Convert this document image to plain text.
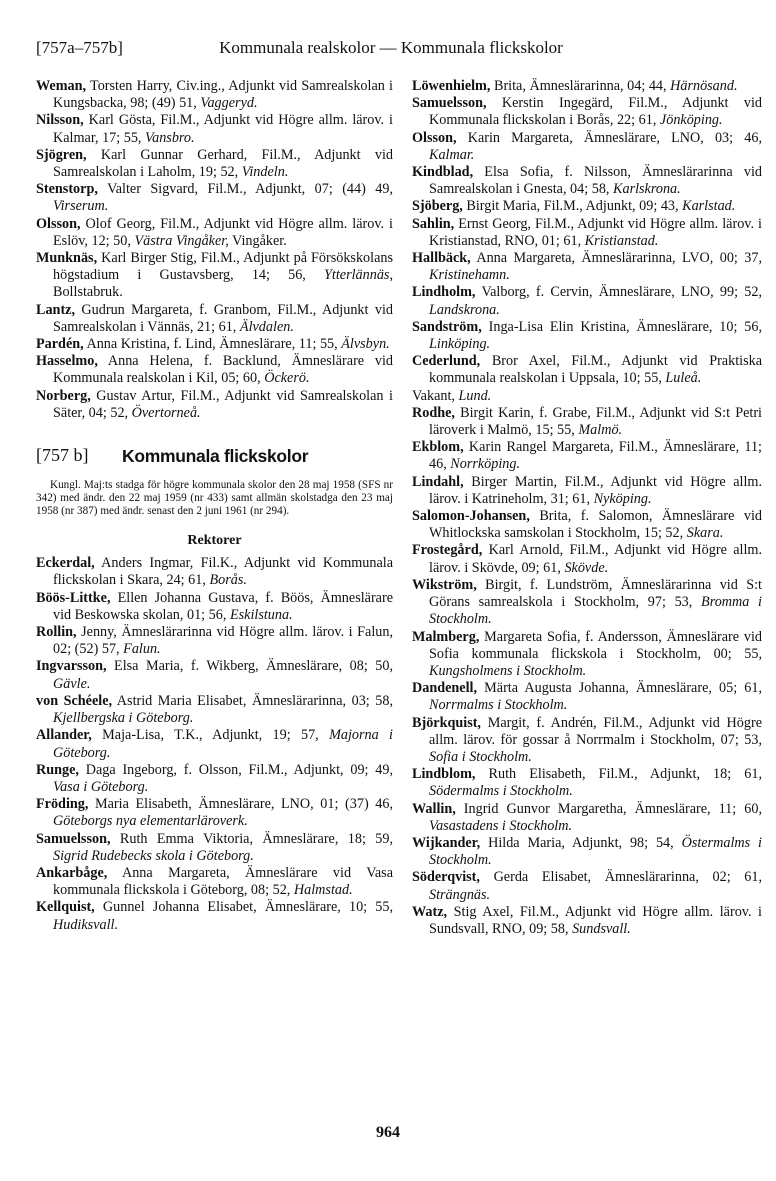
[757a–757b]	Kommunala realskolor — Kommunala flickskolor

Weman, Torsten Harry, Civ.ing., Adjunkt vid Samrealskolan i Kungsbacka, 98; (49) 51, Vaggeryd.

Nilsson, Karl Gösta, Fil.M., Adjunkt vid Högre allm. lärov. i Kalmar, 17; 55, Vansbro.

Sjögren, Karl Gunnar Gerhard, Fil.M., Adjunkt vid Samrealskolan i Laholm, 19; 52, Vindeln.

Stenstorp, Valter Sigvard, Fil.M., Adjunkt, 07; (44) 49, Virserum.

Olsson, Olof Georg, Fil.M., Adjunkt vid Högre allm. lärov. i Eslöv, 12; 50, Västra Vingåker, Vingåker.

Munknäs, Karl Birger Stig, Fil.M., Adjunkt på Försökskolans högstadium i Gustavsberg, 14; 56, Ytterlännäs, Bollstabruk.

Lantz, Gudrun Margareta, f. Granbom, Fil.M., Adjunkt vid Samrealskolan i Vännäs, 21; 61, Älvdalen.

Pardén, Anna Kristina, f. Lind, Ämneslärare, 11; 55, Älvsbyn.

Hasselmo, Anna Helena, f. Backlund, Ämneslärare vid Kommunala realskolan i Kil, 05; 60, Öckerö.

Norberg, Gustav Artur, Fil.M., Adjunkt vid Samrealskolan i Säter, 04; 52, Övertorneå.

[757 b] Kommunala flickskolor

Kungl. Maj:ts stadga för högre kommunala skolor den 28 maj 1958 (SFS nr 342) med ändr. den 22 maj 1959 (nr 433) samt allmän skolstadga den 23 maj 1958 (nr 387) med ändr. senast den 2 juni 1961 (nr 294).

Rektorer

Eckerdal, Anders Ingmar, Fil.K., Adjunkt vid Kommunala flickskolan i Skara, 24; 61, Borås.

Böös-Littke, Ellen Johanna Gustava, f. Böös, Ämneslärare vid Beskowska skolan, 01; 56, Eskilstuna.

Rollin, Jenny, Ämneslärarinna vid Högre allm. lärov. i Falun, 02; (52) 57, Falun.

Ingvarsson, Elsa Maria, f. Wikberg, Ämneslärare, 08; 50, Gävle.

von Schéele, Astrid Maria Elisabet, Ämneslärarinna, 03; 58, Kjellbergska i Göteborg.

Allander, Maja-Lisa, T.K., Adjunkt, 19; 57, Majorna i Göteborg.

Runge, Daga Ingeborg, f. Olsson, Fil.M., Adjunkt, 09; 49, Vasa i Göteborg.

Fröding, Maria Elisabeth, Ämneslärare, LNO, 01; (37) 46, Göteborgs nya elementarläroverk.

Samuelsson, Ruth Emma Viktoria, Ämneslärare, 18; 59, Sigrid Rudebecks skola i Göteborg.

Ankarbåge, Anna Margareta, Ämneslärare vid Vasa kommunala flickskola i Göteborg, 08; 52, Halmstad.

Kellquist, Gunnel Johanna Elisabet, Ämneslärare, 10; 55, Hudiksvall.

Löwenhielm, Brita, Ämneslärarinna, 04; 44, Härnösand.

Samuelsson, Kerstin Ingegärd, Fil.M., Adjunkt vid Kommunala flickskolan i Borås, 22; 61, Jönköping.

Olsson, Karin Margareta, Ämneslärare, LNO, 03; 46, Kalmar.

Kindblad, Elsa Sofia, f. Nilsson, Ämneslärarinna vid Samrealskolan i Gnesta, 04; 58, Karlskrona.

Sjöberg, Birgit Maria, Fil.M., Adjunkt, 09; 43, Karlstad.

Sahlin, Ernst Georg, Fil.M., Adjunkt vid Högre allm. lärov. i Kristianstad, RNO, 01; 61, Kristianstad.

Hallbäck, Anna Margareta, Ämneslärarinna, LVO, 00; 37, Kristinehamn.

Lindholm, Valborg, f. Cervin, Ämneslärare, LNO, 99; 52, Landskrona.

Sandström, Inga-Lisa Elin Kristina, Ämneslärare, 10; 56, Linköping.

Cederlund, Bror Axel, Fil.M., Adjunkt vid Praktiska kommunala realskolan i Uppsala, 10; 55, Luleå.

Vakant, Lund.

Rodhe, Birgit Karin, f. Grabe, Fil.M., Adjunkt vid S:t Petri läroverk i Malmö, 15; 55, Malmö.

Ekblom, Karin Rangel Margareta, Fil.M., Ämneslärare, 11; 46, Norrköping.

Lindahl, Birger Martin, Fil.M., Adjunkt vid Högre allm. lärov. i Katrineholm, 31; 61, Nyköping.

Salomon-Johansen, Brita, f. Salomon, Ämneslärare vid Whitlockska samskolan i Stockholm, 15; 52, Skara.

Frostegård, Karl Arnold, Fil.M., Adjunkt vid Högre allm. lärov. i Skövde, 09; 61, Skövde.

Wikström, Birgit, f. Lundström, Ämneslärarinna vid S:t Görans samrealskola i Stockholm, 97; 53, Bromma i Stockholm.

Malmberg, Margareta Sofia, f. Andersson, Ämneslärare vid Sofia kommunala flickskola i Stockholm, 00; 55, Kungsholmens i Stockholm.

Dandenell, Märta Augusta Johanna, Ämneslärare, 05; 61, Norrmalms i Stockholm.

Björkquist, Margit, f. Andrén, Fil.M., Adjunkt vid Högre allm. lärov. för gossar å Norrmalm i Stockholm, 07; 53, Sofia i Stockholm.

Lindblom, Ruth Elisabeth, Fil.M., Adjunkt, 18; 61, Södermalms i Stockholm.

Wallin, Ingrid Gunvor Margaretha, Ämneslärare, 11; 60, Vasastadens i Stockholm.

Wijkander, Hilda Maria, Adjunkt, 98; 54, Östermalms i Stockholm.

Söderqvist, Gerda Elisabet, Ämneslärarinna, 02; 61, Strängnäs.

Watz, Stig Axel, Fil.M., Adjunkt vid Högre allm. lärov. i Sundsvall, RNO, 09; 58, Sundsvall.

964
